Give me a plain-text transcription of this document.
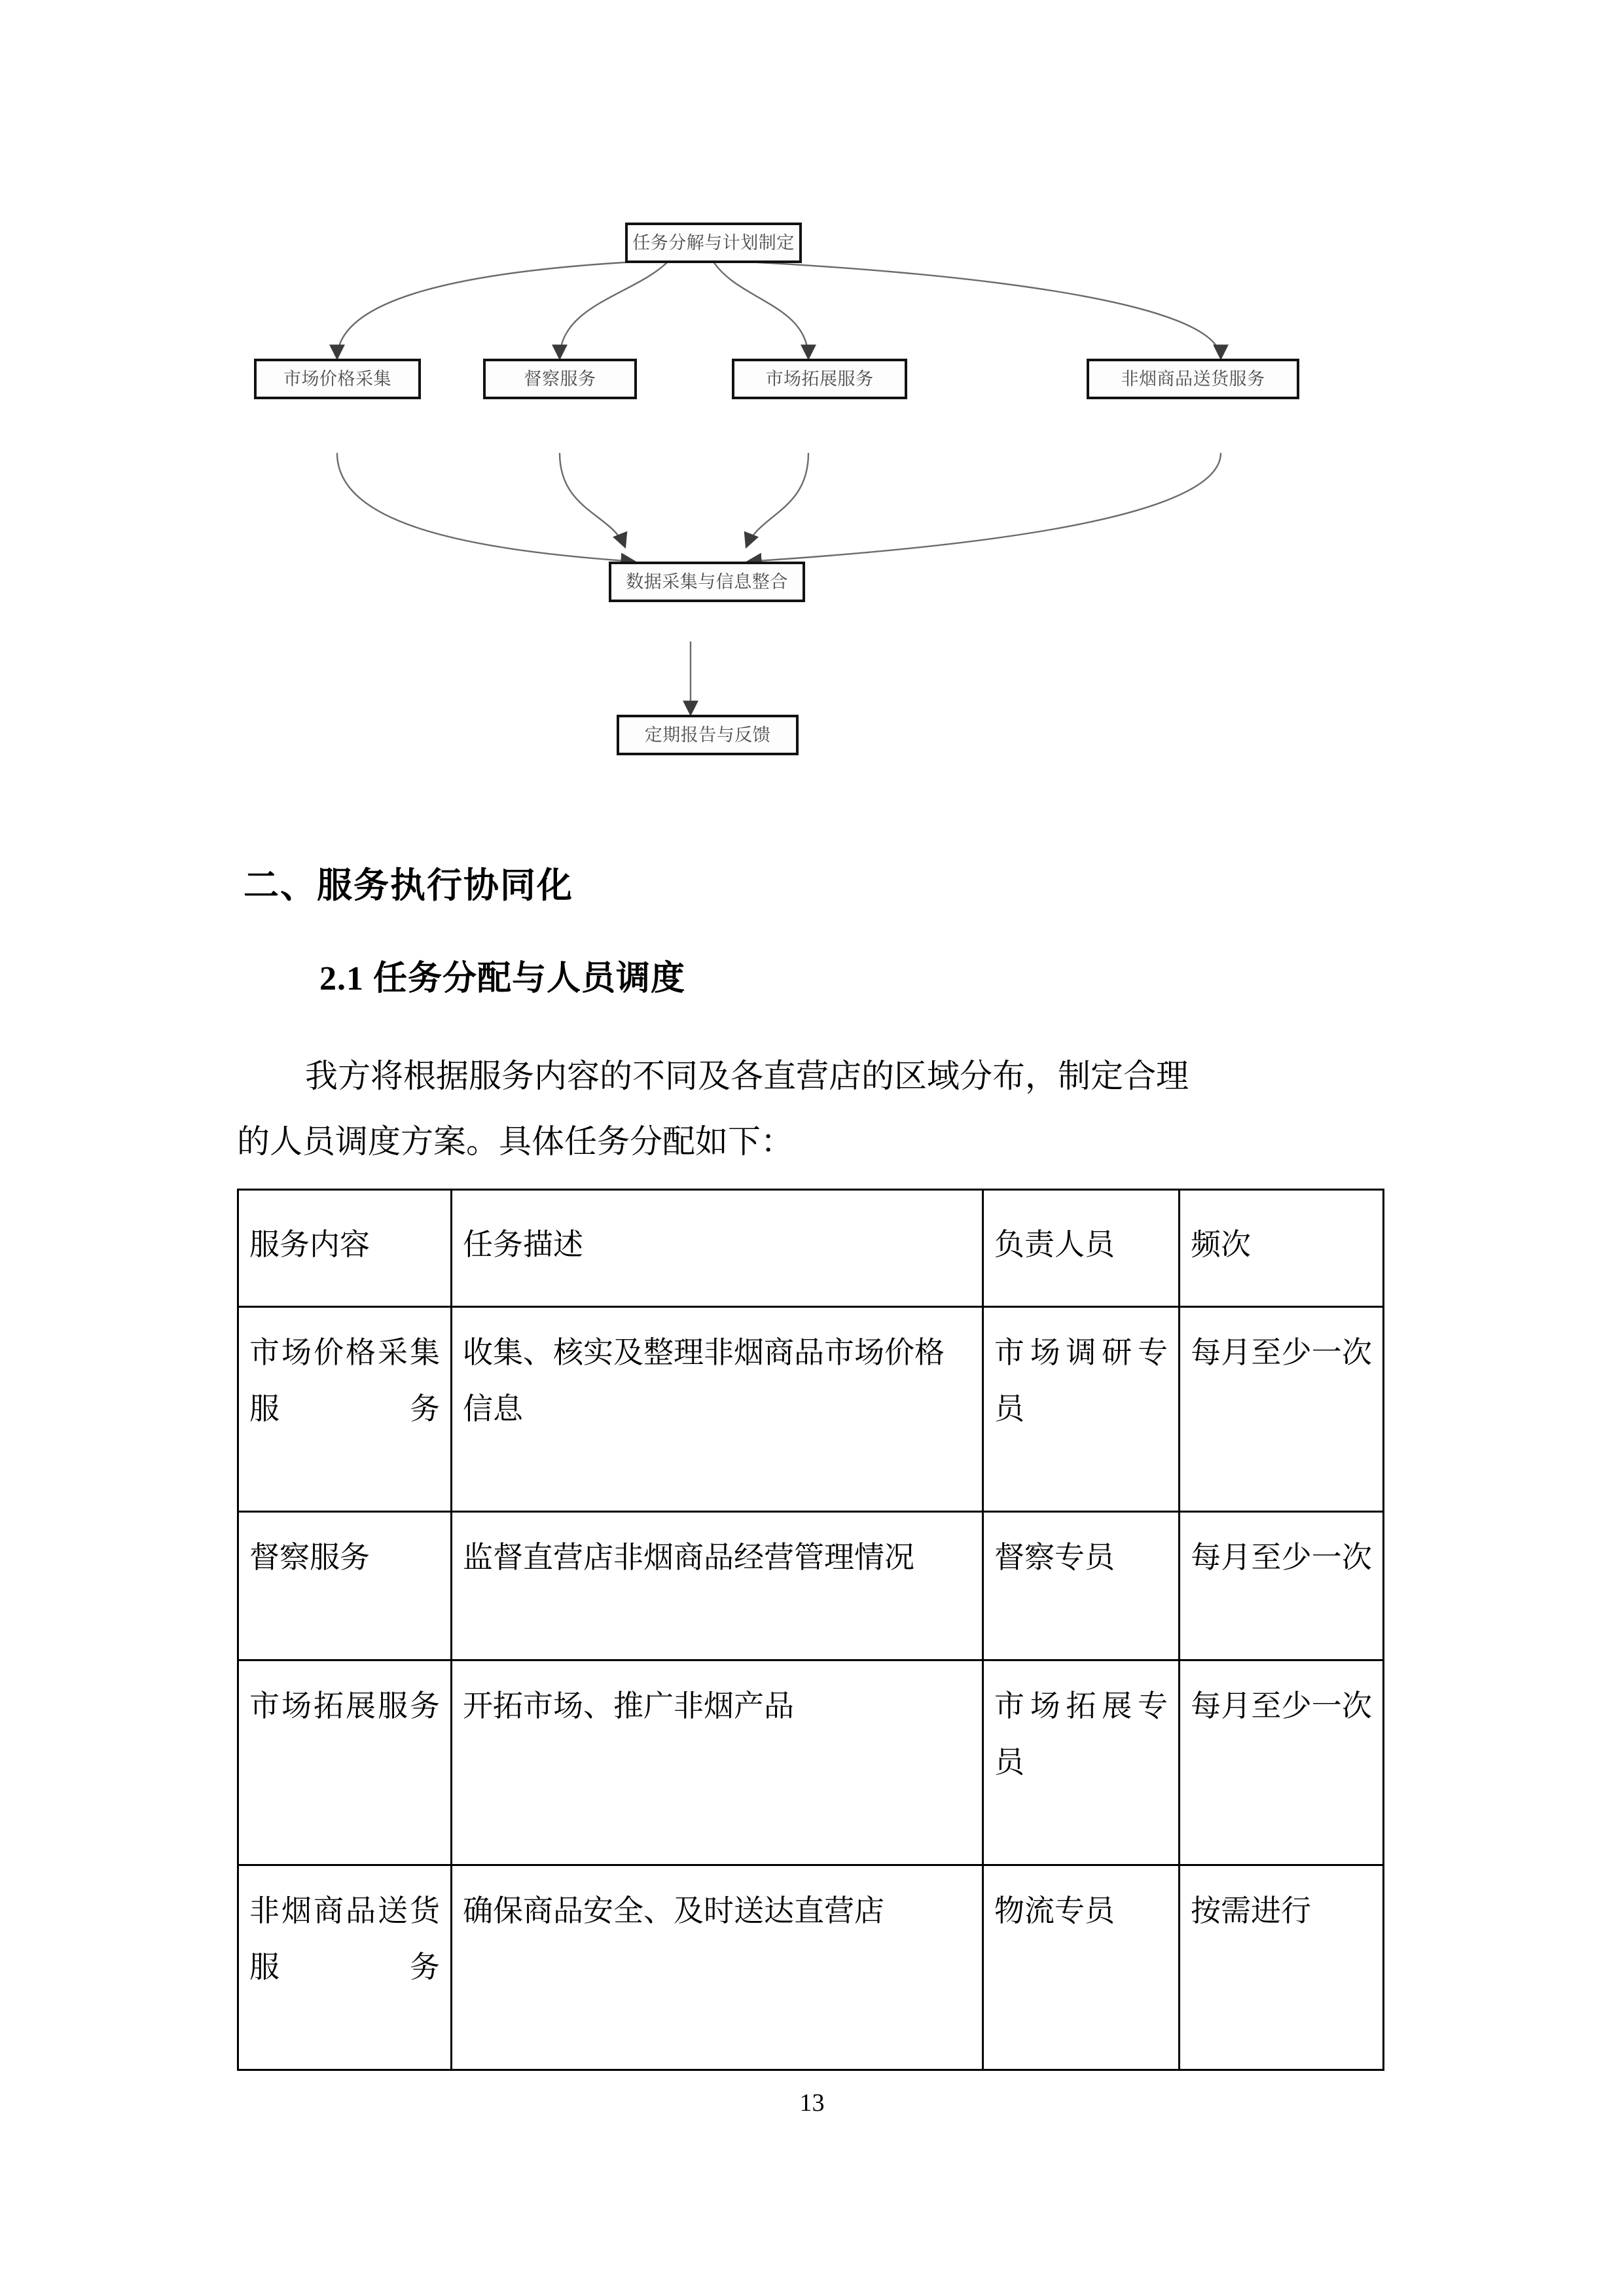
任务分解与计划制定
市场价格采集	督察服务	市场拓展服务	非烟商品送货服务
数据采集与信息整合
定期报告与反馈
二、服务执行协同化
2.1 任务分配与人员调度
我方将根据服务内容的不同及各直营店的区域分布，制定合理
的人员调度方案。具体任务分配如下：
服务内容	任务描述	负责人员	频次

市场价格采集服务	收集、核实及整理非烟商品市场价格信息	市场调研专员	每月至少一次

督察服务	监督直营店非烟商品经营管理情况	督察专员	每月至少一次

市场拓展服务	开拓市场、推广非烟产品	市场拓展专员	每月至少一次

非烟商品送货服务	确保商品安全、及时送达直营店	物流专员	按需进行
13
